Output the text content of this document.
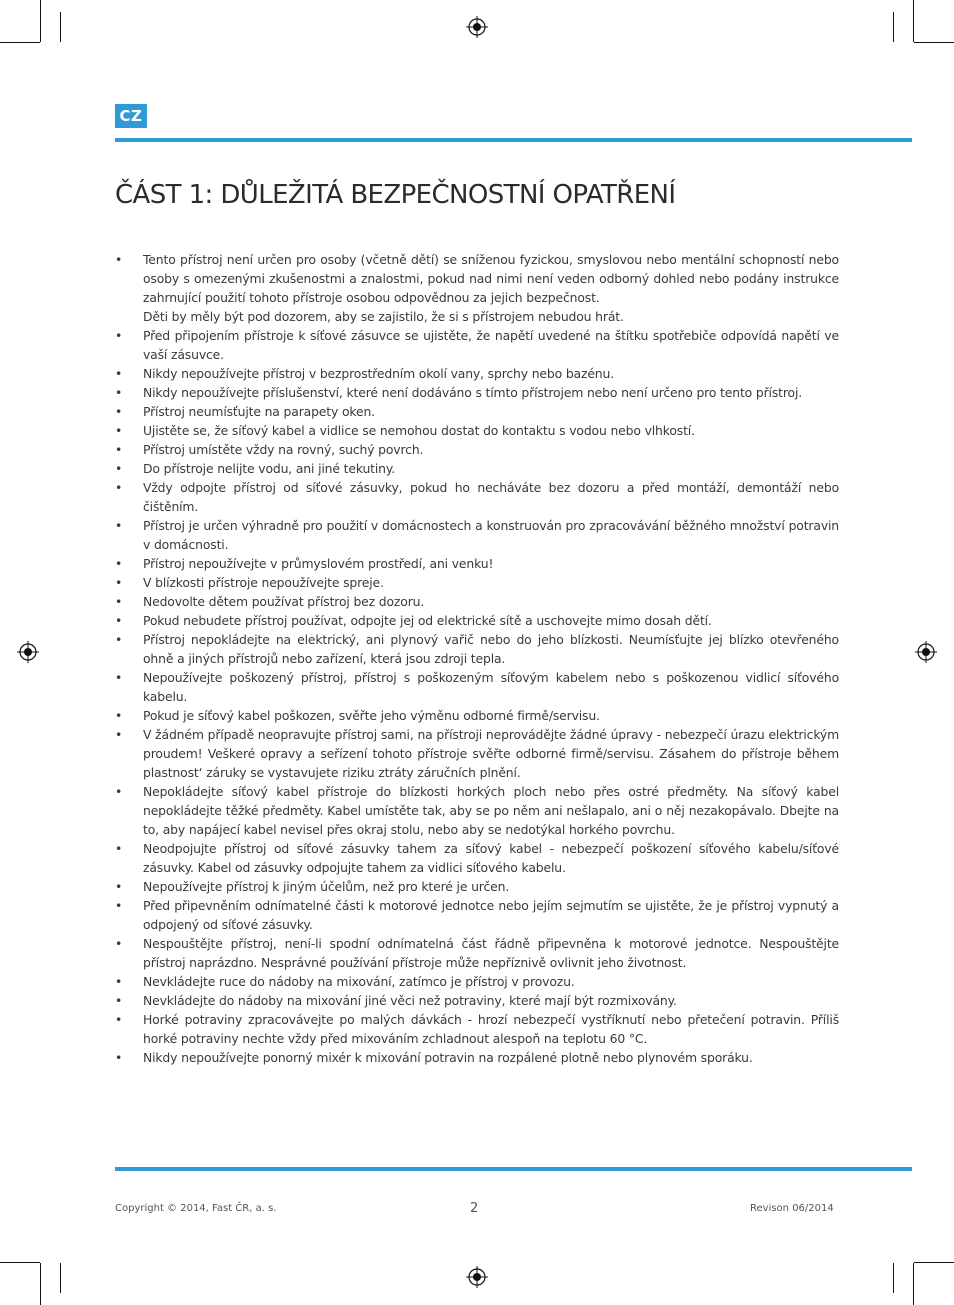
CZ
ČÁST 1: DŮLEŽITÁ BEZPEČNOSTNÍ OPATŘENÍ
• Tento přístroj není určen pro osoby (včetně dětí) se sníženou fyzickou, smyslovou nebo mentální schopností nebo osoby s omezenými zkušenostmi a znalostmi, pokud nad nimi není veden odborný dohled nebo podány instrukce zahrnující použití tohoto přístroje osobou odpovědnou za jejich bezpečnost.
Děti by měly být pod dozorem, aby se zajistilo, že si s přístrojem nebudou hrát.
• Před připojením přístroje k síťové zásuvce se ujistěte, že napětí uvedené na štítku spotřebiče odpovídá napětí ve vaší zásuvce.
• Nikdy nepoužívejte přístroj v bezprostředním okolí vany, sprchy nebo bazénu.
• Nikdy nepoužívejte příslušenství, které není dodáváno s tímto přístrojem nebo není určeno pro tento přístroj.
• Přístroj neumísťujte na parapety oken.
• Ujistěte se, že síťový kabel a vidlice se nemohou dostat do kontaktu s vodou nebo vlhkostí.
• Přístroj umístěte vždy na rovný, suchý povrch.
• Do přístroje nelijte vodu, ani jiné tekutiny.
• Vždy odpojte přístroj od síťové zásuvky, pokud ho necháváte bez dozoru a před montáží, demontáží nebo čištěním.
• Přístroj je určen výhradně pro použití v domácnostech a konstruován pro zpracovávání běžného množství potravin v domácnosti.
• Přístroj nepoužívejte v průmyslovém prostředí, ani venku!
• V blízkosti přístroje nepoužívejte spreje.
• Nedovolte dětem používat přístroj bez dozoru.
• Pokud nebudete přístroj používat, odpojte jej od elektrické sítě a uschovejte mimo dosah dětí.
• Přístroj nepokládejte na elektrický, ani plynový vařič nebo do jeho blízkosti. Neumísťujte jej blízko otevřeného ohně a jiných přístrojů nebo zařízení, která jsou zdroji tepla.
• Nepoužívejte poškozený přístroj, přístroj s poškozeným síťovým kabelem nebo s poškozenou vidlicí síťového kabelu.
• Pokud je síťový kabel poškozen, svěřte jeho výměnu odborné firmě/servisu.
• V žádném případě neopravujte přístroj sami, na přístroji neprovádějte žádné úpravy - nebezpečí úrazu elektrickým proudem! Veškeré opravy a seřízení tohoto přístroje svěřte odborné firmě/servisu. Zásahem do přístroje během plastnost‘ záruky se vystavujete riziku ztráty záručních plnění.
• Nepokládejte síťový kabel přístroje do blízkosti horkých ploch nebo přes ostré předměty. Na síťový kabel nepokládejte těžké předměty. Kabel umístěte tak, aby se po něm ani nešlapalo, ani o něj nezakopávalo. Dbejte na to, aby napájecí kabel nevisel přes okraj stolu, nebo aby se nedotýkal horkého povrchu.
• Neodpojujte přístroj od síťové zásuvky tahem za síťový kabel - nebezpečí poškození síťového kabelu/síťové zásuvky. Kabel od zásuvky odpojujte tahem za vidlici síťového kabelu.
• Nepoužívejte přístroj k jiným účelům, než pro které je určen.
• Před připevněním odnímatelné části k motorové jednotce nebo jejím sejmutím se ujistěte, že je přístroj vypnutý a odpojený od síťové zásuvky.
• Nespouštějte přístroj, není-li spodní odnímatelná část řádně připevněna k motorové jednotce. Nespouštějte přístroj naprázdno. Nesprávné používání přístroje může nepříznivě ovlivnit jeho životnost.
• Nevkládejte ruce do nádoby na mixování, zatímco je přístroj v provozu.
• Nevkládejte do nádoby na mixování jiné věci než potraviny, které mají být rozmixovány.
• Horké potraviny zpracovávejte po malých dávkách - hrozí nebezpečí vystříknutí nebo přetečení potravin. Příliš horké potraviny nechte vždy před mixováním zchladnout alespoň na teplotu 60 °C.
• Nikdy nepoužívejte ponorný mixér k mixování potravin na rozpálené plotně nebo plynovém sporáku.
Copyright © 2014, Fast ČR, a. s.	2	Revison 06/2014
